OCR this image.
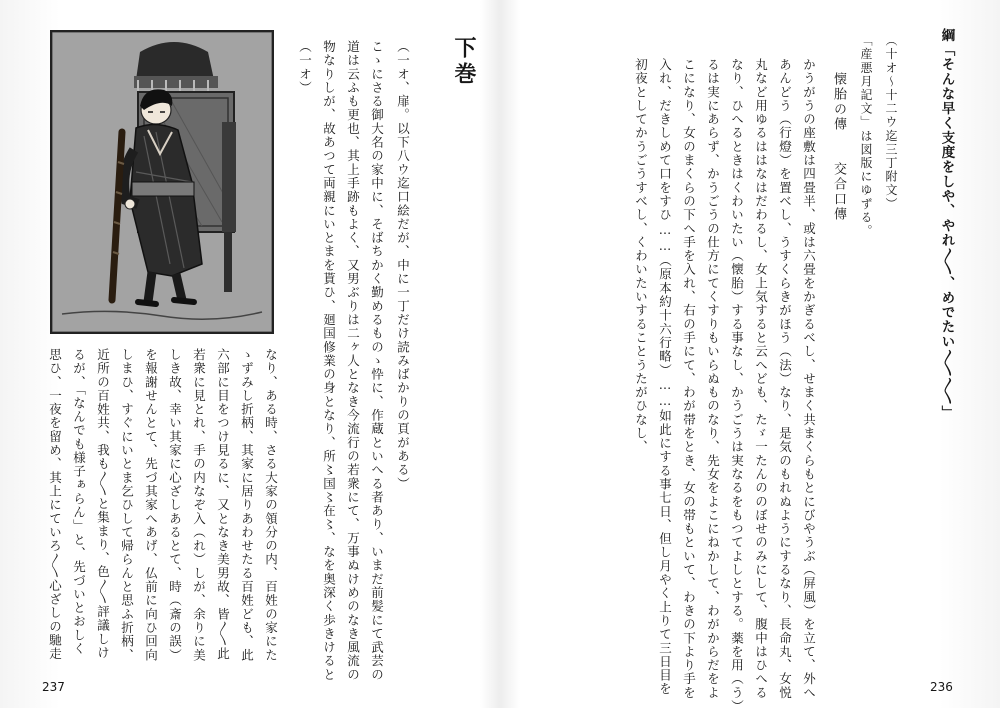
綱「そんな早く支度をしや、やれ〳〵、めでたい〳〵〳〵」
（十オ〜十二ウ迄三丁附文）
「産悪月記文」は図版にゆずる。
懐胎の傳　　交合口傳
かうがうの座敷は四畳半、或は六畳をかぎるべし、せまく共まくらもとにびやうぶ（屏風）を立て、外へ
あんどう（行燈）を置べし、うすくらきがほう（法）なり、是気のもれぬようにするなり、長命丸、女悦
丸など用ゆるははなはだわるし、女上気すると云へども、たゞ一たんののぼせのみにして、腹中はひへる
なり、ひへるときはくわいたい（懐胎）する事なし、かうごうは実なるをもつてよしとする。薬を用（う）
るは実にあらず、かうごうの仕方にてくすりもいらぬものなり、先女をよこにねかして、わがからだをよ
こになり、女のまくらの下へ手を入れ、右の手にて、わが帯をとき、女の帯もといて、わきの下より手を
入れ、だきしめて口をすひ……（原本約十六行略）……如此にする事七日、但し月やく上りて三日目を
初夜としてかうごうすべし、くわいたいすることうたがひなし、
236
下巻
（一オ、扉。以下八ウ迄口絵だが、中に一丁だけ読みばかりの頁がある）
こゝにさる御大名の家中に、そばちかく勤めるものゝ忰に、作蔵といへる者あり、いまだ前髪にて武芸の
道は云ふも更也、其上手跡もよく、又男ぶりは二ヶ人となき今流行の若衆にて、万事ぬけめのなき風流の
物なりしが、故あつて両親にいとまを貰ひ、廻国修業の身となり、所〻国〻在〻、なを奥深く歩きけると
（一オ）
なり、ある時、さる大家の領分の内、百姓の家にた
ゝずみし折柄、其家に居りあわせたる百姓ども、此
六部に目をつけ見るに、又となき美男故、皆〳〵此
若衆に見とれ、手の内なぞ入（れ）しが、余りに美
しき故、幸い其家に心ざしあるとて、時（斎の誤）
を報謝せんとて、先づ其家へあげ、仏前に向ひ回向
しまひ、すぐにいとま乞ひして帰らんと思ふ折柄、
近所の百姓共、我も〳〵と集まり、色〳〵評議しけ
るが、「なんでも様子ぁらん」と、先づいとおしく
思ひ、一夜を留め、其上にていろ〳〵心ざしの馳走
237
